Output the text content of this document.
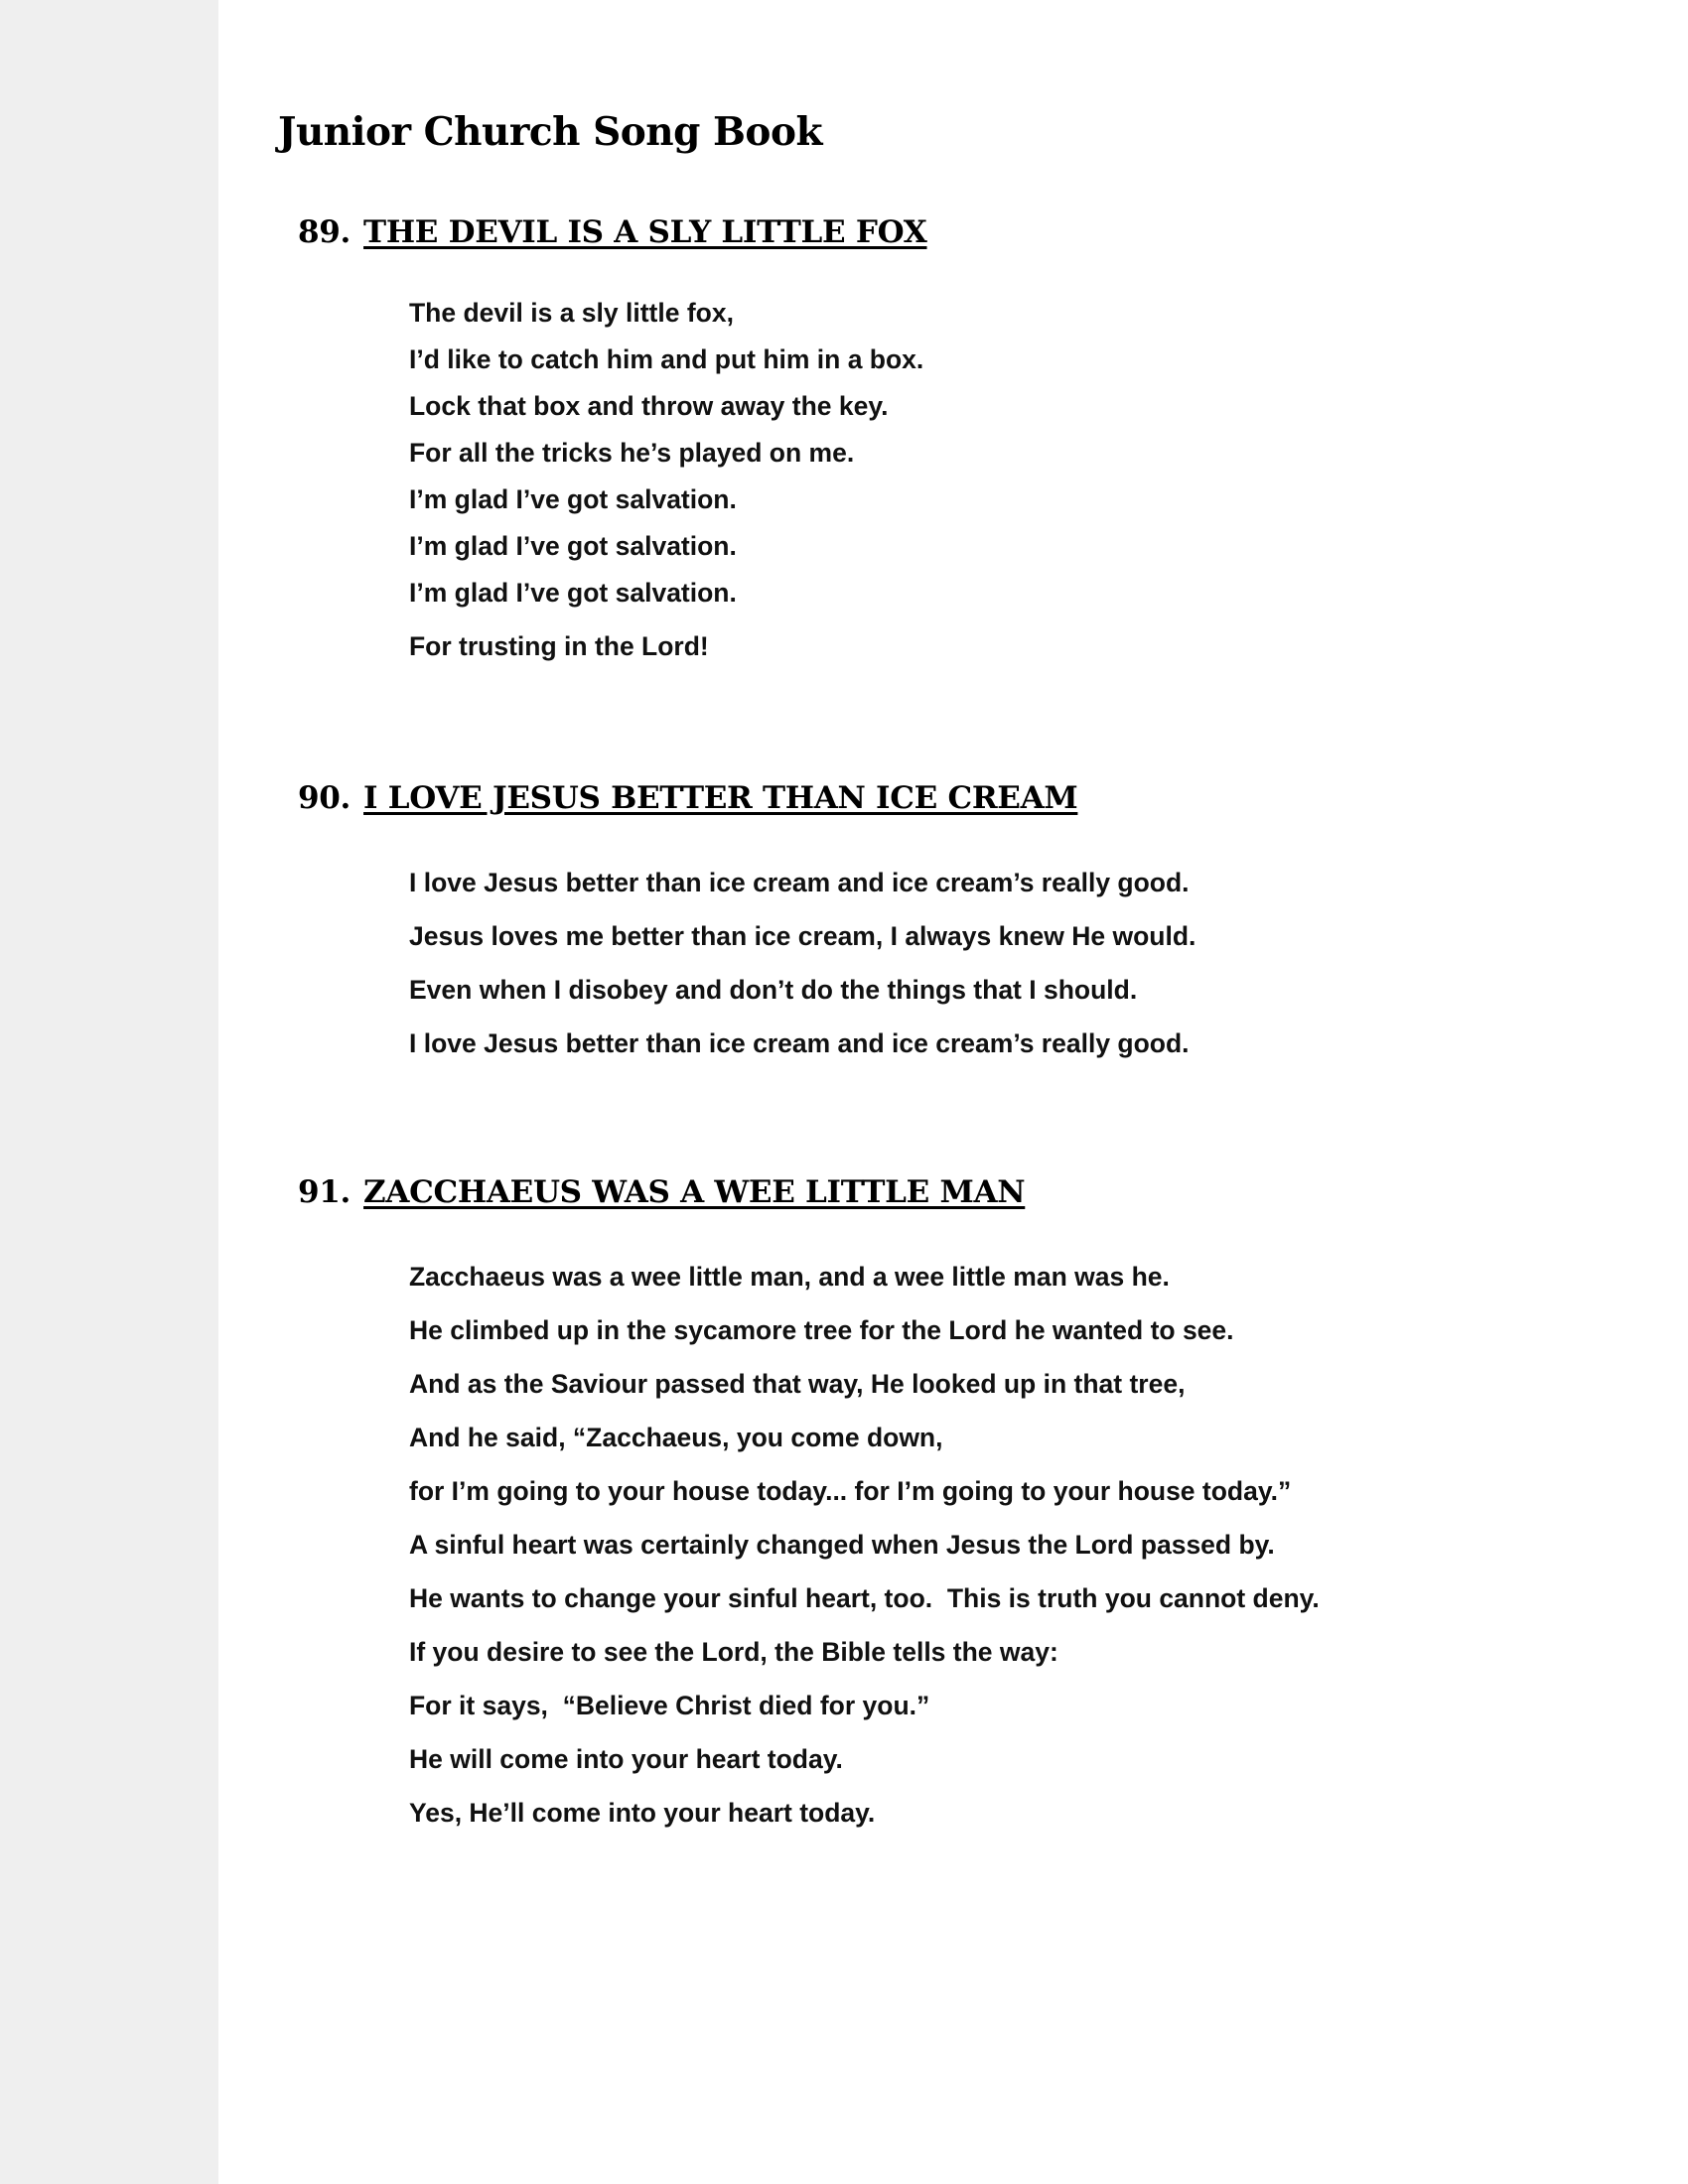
Junior Church Song Book
89. THE DEVIL IS A SLY LITTLE FOX
The devil is a sly little fox,
I’d like to catch him and put him in a box.
Lock that box and throw away the key.
For all the tricks he’s played on me.
I’m glad I’ve got salvation.
I’m glad I’ve got salvation.
I’m glad I’ve got salvation.
For trusting in the Lord!
90. I LOVE JESUS BETTER THAN ICE CREAM
I love Jesus better than ice cream and ice cream’s really good.
Jesus loves me better than ice cream, I always knew He would.
Even when I disobey and don’t do the things that I should.
I love Jesus better than ice cream and ice cream’s really good.
91. ZACCHAEUS WAS A WEE LITTLE MAN
Zacchaeus was a wee little man, and a wee little man was he.
He climbed up in the sycamore tree for the Lord he wanted to see.
And as the Saviour passed that way, He looked up in that tree,
And he said, “Zacchaeus, you come down,
for I’m going to your house today... for I’m going to your house today.”
A sinful heart was certainly changed when Jesus the Lord passed by.
He wants to change your sinful heart, too.  This is truth you cannot deny.
If you desire to see the Lord, the Bible tells the way:
For it says,  “Believe Christ died for you.”
He will come into your heart today.
Yes, He’ll come into your heart today.
